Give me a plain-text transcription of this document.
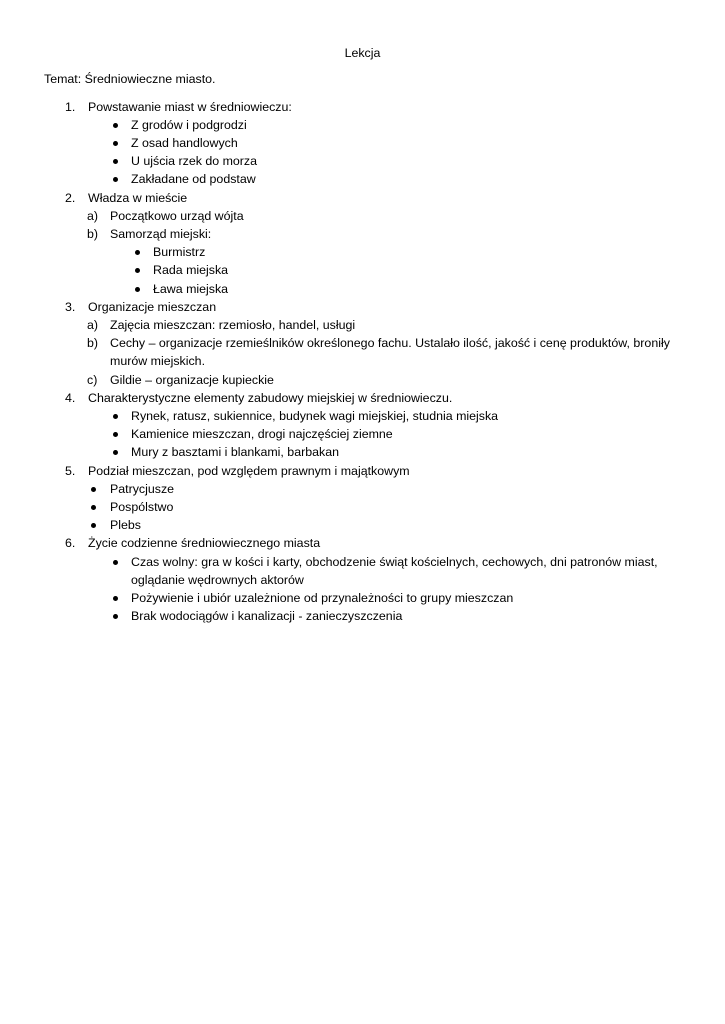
Lekcja
Temat: Średniowieczne miasto.
1. Powstawanie miast w średniowieczu:
Z grodów i podgrodzi
Z osad handlowych
U ujścia rzek do morza
Zakładane od podstaw
2. Władza w mieście
a) Początkowo urząd wójta
b) Samorząd miejski:
Burmistrz
Rada miejska
Ława miejska
3. Organizacje mieszczan
a) Zajęcia mieszczan: rzemiosło, handel, usługi
b) Cechy – organizacje rzemieślników określonego fachu. Ustalało ilość, jakość i cenę produktów, broniły
murów miejskich.
c) Gildie – organizacje kupieckie
4. Charakterystyczne elementy zabudowy miejskiej w średniowieczu.
Rynek, ratusz, sukiennice, budynek wagi miejskiej, studnia miejska
Kamienice mieszczan, drogi najczęściej ziemne
Mury z basztami i blankami, barbakan
5. Podział mieszczan, pod względem prawnym i majątkowym
Patrycjusze
Pospólstwo
Plebs
6. Życie codzienne średniowiecznego miasta
Czas wolny: gra w kości i karty, obchodzenie świąt kościelnych, cechowych, dni patronów miast,
oglądanie wędrownych aktorów
Pożywienie i ubiór uzależnione od przynależności to grupy mieszczan
Brak wodociągów i kanalizacji - zanieczyszczenia
